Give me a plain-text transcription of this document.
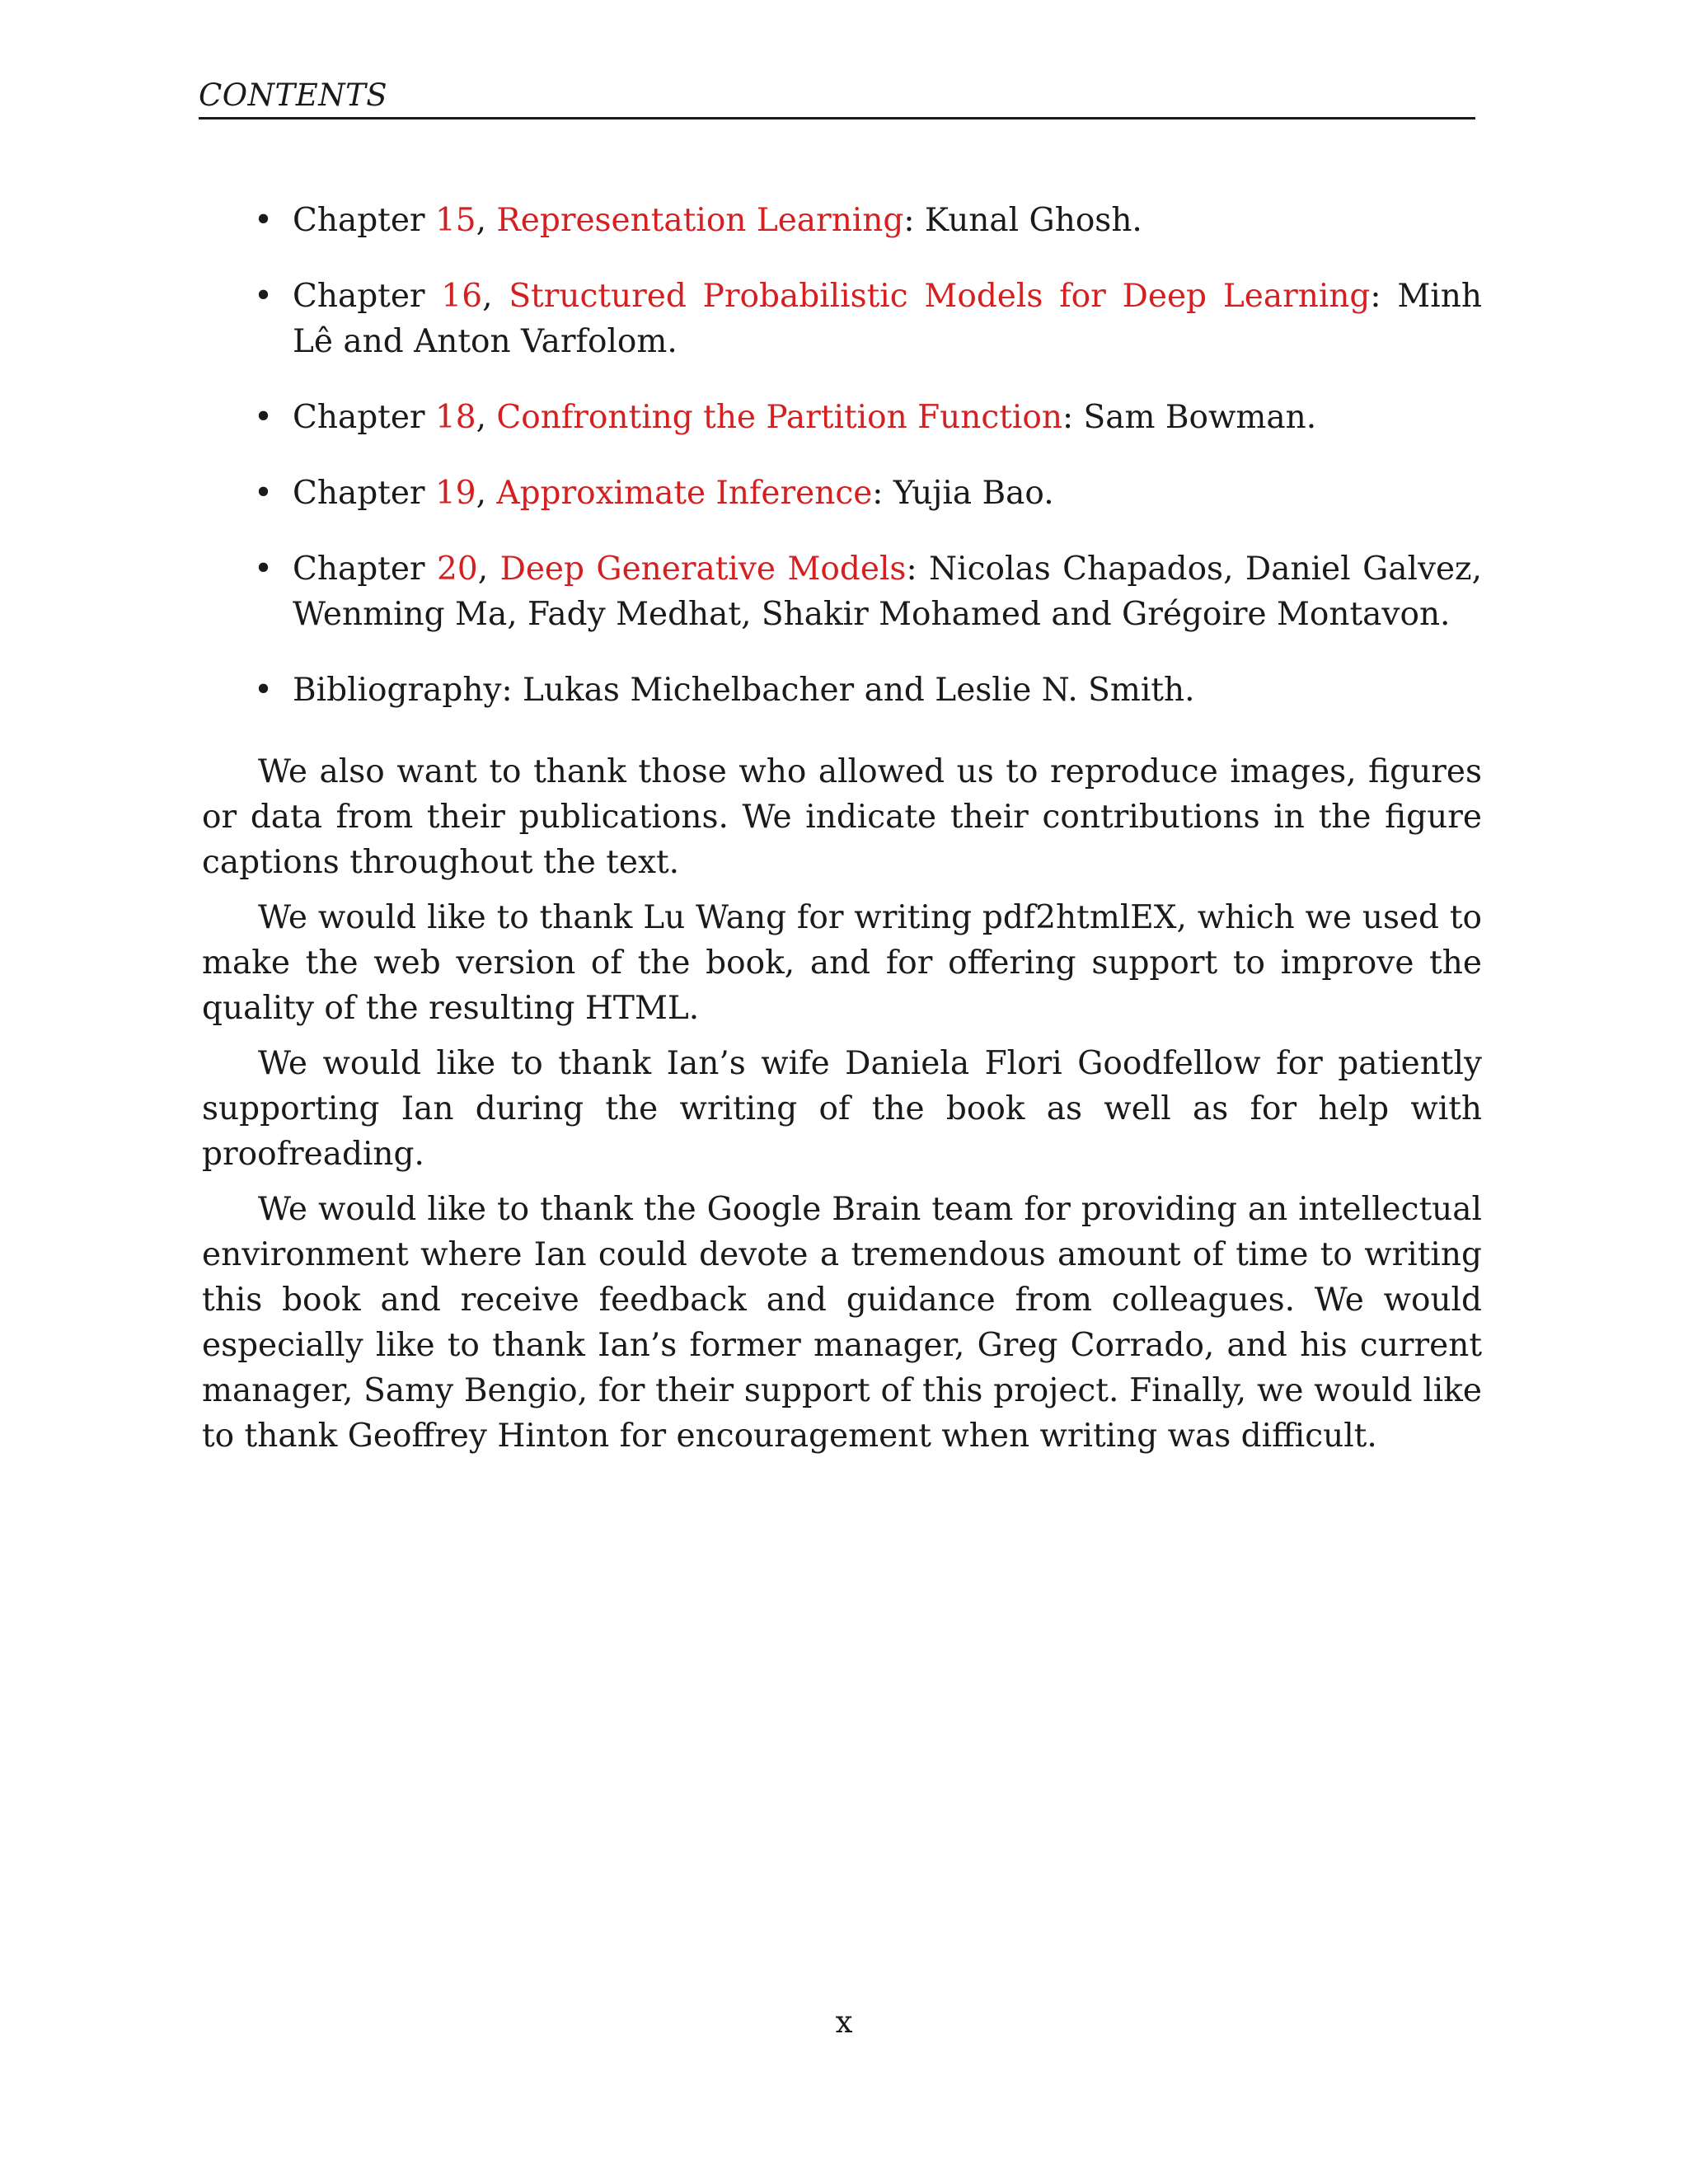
CONTENTS
• Chapter 15, Representation Learning: Kunal Ghosh.
• Chapter 16, Structured Probabilistic Models for Deep Learning: Minh Lê and Anton Varfolom.
• Chapter 18, Confronting the Partition Function: Sam Bowman.
• Chapter 19, Approximate Inference: Yujia Bao.
• Chapter 20, Deep Generative Models: Nicolas Chapados, Daniel Galvez, Wenming Ma, Fady Medhat, Shakir Mohamed and Grégoire Montavon.
• Bibliography: Lukas Michelbacher and Leslie N. Smith.

We also want to thank those who allowed us to reproduce images, figures or data from their publications. We indicate their contributions in the figure captions throughout the text.

We would like to thank Lu Wang for writing pdf2htmlEX, which we used to make the web version of the book, and for offering support to improve the quality of the resulting HTML.

We would like to thank Ian’s wife Daniela Flori Goodfellow for patiently supporting Ian during the writing of the book as well as for help with proofreading.

We would like to thank the Google Brain team for providing an intellectual environment where Ian could devote a tremendous amount of time to writing this book and receive feedback and guidance from colleagues. We would especially like to thank Ian’s former manager, Greg Corrado, and his current manager, Samy Bengio, for their support of this project. Finally, we would like to thank Geoffrey Hinton for encouragement when writing was difficult.

x
